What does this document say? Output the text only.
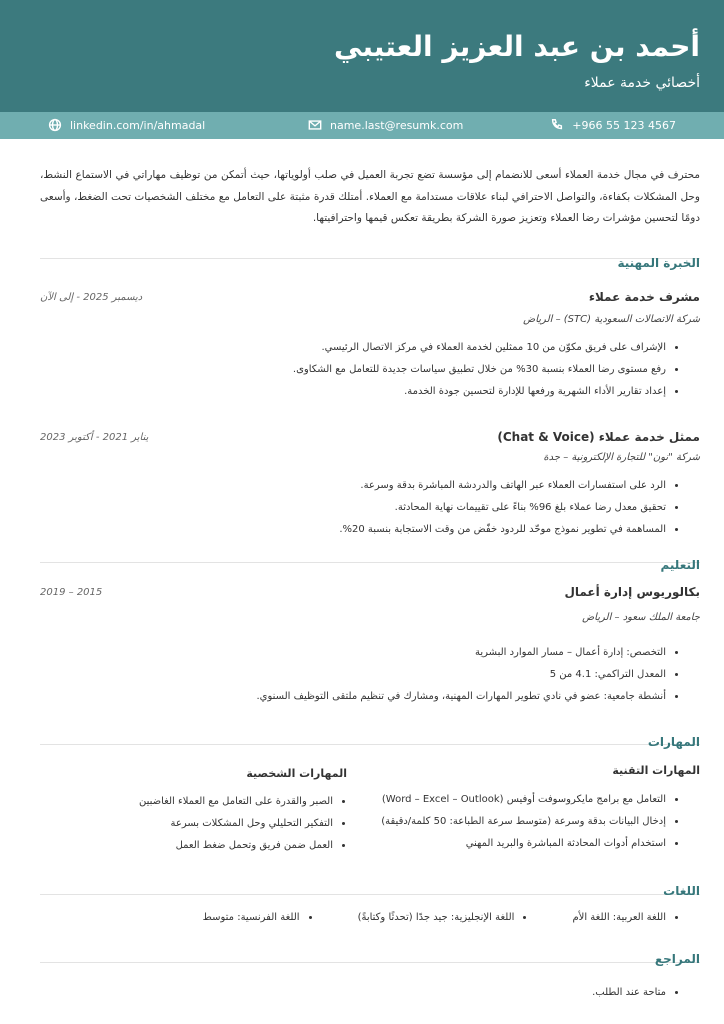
أحمد بن عبد العزيز العتيبي
أخصائي خدمة عملاء
+966 55 123 4567
name.last@resumk.com
linkedin.com/in/ahmadal

محترف في مجال خدمة العملاء أسعى للانضمام إلى مؤسسة تضع تجربة العميل في صلب أولوياتها، حيث أتمكن من توظيف مهاراتي في الاستماع النشط، وحل المشكلات بكفاءة، والتواصل الاحترافي لبناء علاقات مستدامة مع العملاء. أمتلك قدرة مثبتة على التعامل مع مختلف الشخصيات تحت الضغط، وأسعى دومًا لتحسين مؤشرات رضا العملاء وتعزيز صورة الشركة بطريقة تعكس قيمها واحترافيتها.

الخبرة المهنية
مشرف خدمة عملاء
ديسمبر 2025 - إلى الآن
شركة الاتصالات السعودية (STC) – الرياض
• الإشراف على فريق مكوّن من 10 ممثلين لخدمة العملاء في مركز الاتصال الرئيسي.
• رفع مستوى رضا العملاء بنسبة 30% من خلال تطبيق سياسات جديدة للتعامل مع الشكاوى.
• إعداد تقارير الأداء الشهرية ورفعها للإدارة لتحسين جودة الخدمة.
ممثل خدمة عملاء (Chat & Voice)
يناير 2021 - أكتوبر 2023
شركة "نون" للتجارة الإلكترونية – جدة
• الرد على استفسارات العملاء عبر الهاتف والدردشة المباشرة بدقة وسرعة.
• تحقيق معدل رضا عملاء بلغ 96% بناءً على تقييمات نهاية المحادثة.
• المساهمة في تطوير نموذج موحّد للردود خفّض من وقت الاستجابة بنسبة 20%.
التعليم
بكالوريوس إدارة أعمال
2015 – 2019
جامعة الملك سعود – الرياض
• التخصص: إدارة أعمال – مسار الموارد البشرية
• المعدل التراكمي: 4.1 من 5
• أنشطة جامعية: عضو في نادي تطوير المهارات المهنية، ومشارك في تنظيم ملتقى التوظيف السنوي.
المهارات
المهارات التقنية
• التعامل مع برامج مايكروسوفت أوفيس (Word – Excel – Outlook)
• إدخال البيانات بدقة وسرعة (متوسط سرعة الطباعة: 50 كلمة/دقيقة)
• استخدام أدوات المحادثة المباشرة والبريد المهني
المهارات الشخصية
• الصبر والقدرة على التعامل مع العملاء الغاضبين
• التفكير التحليلي وحل المشكلات بسرعة
• العمل ضمن فريق وتحمل ضغط العمل
اللغات
• اللغة العربية: اللغة الأم
• اللغة الإنجليزية: جيد جدًا (تحدثًا وكتابةً)
• اللغة الفرنسية: متوسط
المراجع
• متاحة عند الطلب.
